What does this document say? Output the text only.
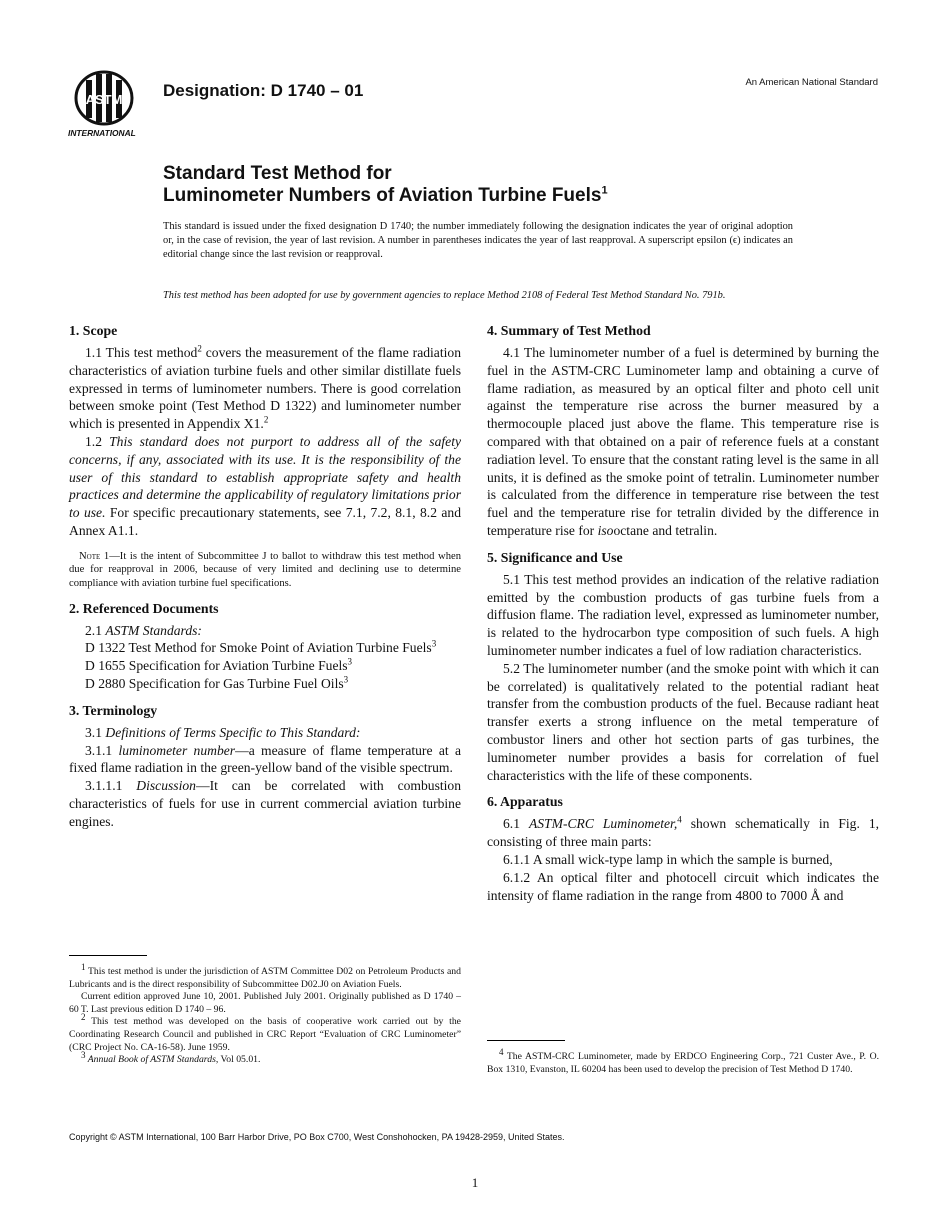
ASTM
INTERNATIONAL
Designation: D 1740 – 01	An American National Standard
Standard Test Method for
Luminometer Numbers of Aviation Turbine Fuels$^1$
This standard is issued under the fixed designation D 1740; the number immediately following the designation indicates the year of original adoption or, in the case of revision, the year of last revision. A number in parentheses indicates the year of last reapproval. A superscript epsilon (ϵ) indicates an editorial change since the last revision or reapproval.
This test method has been adopted for use by government agencies to replace Method 2108 of Federal Test Method Standard No. 791b.
1. Scope

1.1 This test method$^2$ covers the measurement of the flame radiation characteristics of aviation turbine fuels and other similar distillate fuels expressed in terms of luminometer numbers. There is good correlation between smoke point (Test Method D 1322) and luminometer number which is presented in Appendix X1.$^2$

1.2 This standard does not purport to address all of the safety concerns, if any, associated with its use. It is the responsibility of the user of this standard to establish appropriate safety and health practices and determine the applicability of regulatory limitations prior to use. For specific precautionary statements, see 7.1, 7.2, 8.1, 8.2 and Annex A1.1.

Note 1—It is the intent of Subcommittee J to ballot to withdraw this test method when due for reapproval in 2006, because of very limited and declining use to determine compliance with aviation turbine fuel specifications.

2. Referenced Documents

2.1 ASTM Standards:

D 1322 Test Method for Smoke Point of Aviation Turbine Fuels$^3$

D 1655 Specification for Aviation Turbine Fuels$^3$

D 2880 Specification for Gas Turbine Fuel Oils$^3$

3. Terminology

3.1 Definitions of Terms Specific to This Standard:

3.1.1 luminometer number—a measure of flame temperature at a fixed flame radiation in the green-yellow band of the visible spectrum.

3.1.1.1 Discussion—It can be correlated with combustion characteristics of fuels for use in current commercial aviation turbine engines.

4. Summary of Test Method

4.1 The luminometer number of a fuel is determined by burning the fuel in the ASTM-CRC Luminometer lamp and obtaining a curve of flame radiation, as measured by an optical filter and photo cell unit against the temperature rise across the burner measured by a thermocouple placed just above the flame. This temperature rise is compared with that obtained on a pair of reference fuels at a constant radiation level. To ensure that the constant rating level is the same in all units, it is defined as the smoke point of tetralin. Luminometer number is calculated from the difference in temperature rise between the test fuel and the temperature rise for tetralin divided by the difference in temperature rise for isooctane and tetralin.

5. Significance and Use

5.1 This test method provides an indication of the relative radiation emitted by the combustion products of gas turbine fuels from a diffusion flame. The radiation level, expressed as luminometer number, is related to the hydrocarbon type composition of such fuels. A high luminometer number indicates a fuel of low radiation characteristics.

5.2 The luminometer number (and the smoke point with which it can be correlated) is qualitatively related to the potential radiant heat transfer from the combustion products of the fuel. Because radiant heat transfer exerts a strong influence on the metal temperature of combustor liners and other hot section parts of gas turbines, the luminometer number provides a basis for correlation of fuel characteristics with the life of these components.

6. Apparatus

6.1 ASTM-CRC Luminometer,$^4$ shown schematically in Fig. 1, consisting of three main parts:

6.1.1 A small wick-type lamp in which the sample is burned,

6.1.2 An optical filter and photocell circuit which indicates the intensity of flame radiation in the range from 4800 to 7000 Å and

$^1$ This test method is under the jurisdiction of ASTM Committee D02 on Petroleum Products and Lubricants and is the direct responsibility of Subcommittee D02.J0 on Aviation Fuels.

Current edition approved June 10, 2001. Published July 2001. Originally published as D 1740 – 60 T. Last previous edition D 1740 – 96.

$^2$ This test method was developed on the basis of cooperative work carried out by the Coordinating Research Council and published in CRC Report “Evaluation of CRC Luminometer” (CRC Project No. CA-16-58). June 1959.

$^3$ Annual Book of ASTM Standards, Vol 05.01.

$^4$ The ASTM-CRC Luminometer, made by ERDCO Engineering Corp., 721 Custer Ave., P. O. Box 1310, Evanston, IL 60204 has been used to develop the precision of Test Method D 1740.

Copyright © ASTM International, 100 Barr Harbor Drive, PO Box C700, West Conshohocken, PA 19428-2959, United States.
1
